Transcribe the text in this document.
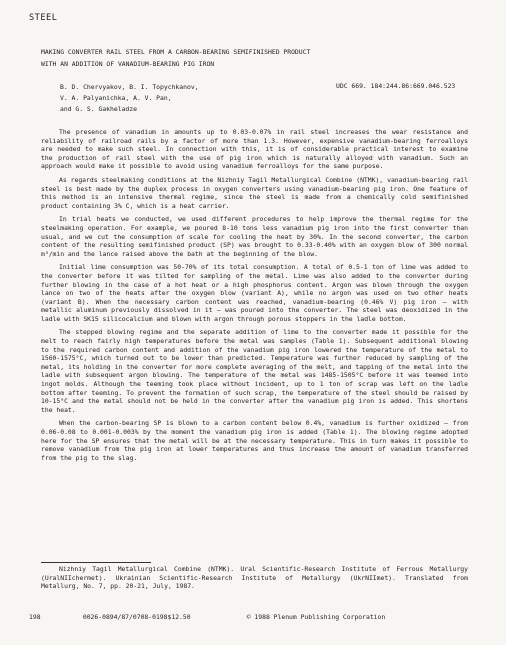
STEEL
MAKING CONVERTER RAIL STEEL FROM A CARBON-BEARING SEMIFINISHED PRODUCT
WITH AN ADDITION OF VANADIUM-BEARING PIG IRON
B. D. Chervyakov, B. I. Topychkanov,
V. A. Palyanichka, A. V. Pan,
and G. S. Gakheladze
UDC 669. 184:244.86:669.046.523

The presence of vanadium in amounts up to 0.03-0.07% in rail steel increases the wear resistance and reliability of railroad rails by a factor of more than 1.3. However, expensive vanadium-bearing ferroalloys are needed to make such steel. In connection with this, it is of considerable practical interest to examine the production of rail steel with the use of pig iron which is naturally alloyed with vanadium. Such an approach would make it possible to avoid using vanadium ferroalloys for the same purpose.

As regards steelmaking conditions at the Nizhniy Tagil Metallurgical Combine (NTMK), vanadium-bearing rail steel is best made by the duplex process in oxygen converters using vanadium-bearing pig iron. One feature of this method is an intensive thermal regime, since the steel is made from a chemically cold semifinished product containing 3% C, which is a heat carrier.

In trial heats we conducted, we used different procedures to help improve the thermal regime for the steelmaking operation. For example, we poured 8-10 tons less vanadium pig iron into the first converter than usual, and we cut the consumption of scale for cooling the heat by 30%. In the second converter, the carbon content of the resulting semifinished product (SP) was brought to 0.33-0.40% with an oxygen blow of 300 normal m³/min and the lance raised above the bath at the beginning of the blow.

Initial lime consumption was 50-70% of its total consumption. A total of 0.5-1 ton of lime was added to the converter before it was tilted for sampling of the metal. Lime was also added to the converter during further blowing in the case of a hot heat or a high phosphorus content. Argon was blown through the oxygen lance on two of the heats after the oxygen blow (variant A), while no argon was used on two other heats (variant B). When the necessary carbon content was reached, vanadium-bearing (0.46% V) pig iron — with metallic aluminum previously dissolved in it — was poured into the converter. The steel was deoxidized in the ladle with SK15 silicocalcium and blown with argon through porous stoppers in the ladle bottom.

The stepped blowing regime and the separate addition of lime to the converter made it possible for the melt to reach fairly high temperatures before the metal was samples (Table 1). Subsequent additional blowing to the required carbon content and addition of the vanadium pig iron lowered the temperature of the metal to 1560-1575°C, which turned out to be lower than predicted. Temperature was further reduced by sampling of the metal, its holding in the converter for more complete averaging of the melt, and tapping of the metal into the ladle with subsequent argon blowing. The temperature of the metal was 1485-1505°C before it was teemed into ingot molds. Although the teeming took place without incident, up to 1 ton of scrap was left on the ladle bottom after teeming. To prevent the formation of such scrap, the temperature of the steel should be raised by 10-15°C and the metal should not be held in the converter after the vanadium pig iron is added. This shortens the heat.

When the carbon-bearing SP is blown to a carbon content below 0.4%, vanadium is further oxidized — from 0.06-0.08 to 0.001-0.003% by the moment the vanadium pig iron is added (Table 1). The blowing regime adopted here for the SP ensures that the metal will be at the necessary temperature. This in turn makes it possible to remove vanadium from the pig iron at lower temperatures and thus increase the amount of vanadium transferred from the pig to the slag.

Nizhniy Tagil Metallurgical Combine (NTMK). Ural Scientific-Research Institute of Ferrous Metallurgy (UralNIIchermet). Ukrainian Scientific-Research Institute of Metallurgy (UkrNIImet). Translated from Metallurg, No. 7, pp. 20-21, July, 1987.
198	0026-0894/87/0708-0198$12.50	© 1988 Plenum Publishing Corporation
